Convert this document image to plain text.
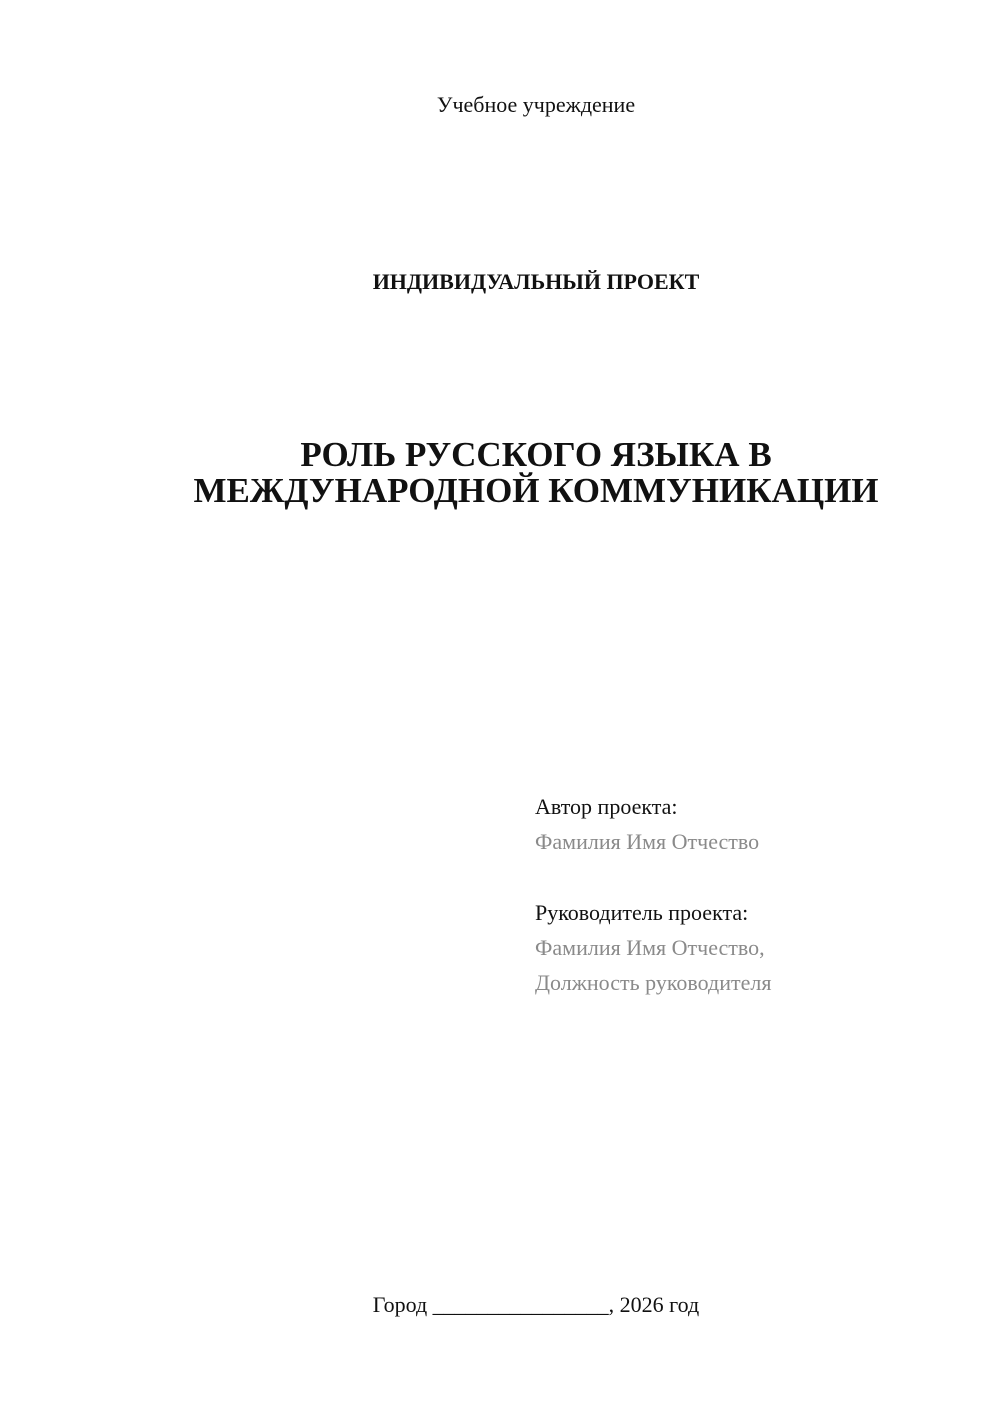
Учебное учреждение
ИНДИВИДУАЛЬНЫЙ ПРОЕКТ
РОЛЬ РУССКОГО ЯЗЫКА В
МЕЖДУНАРОДНОЙ КОММУНИКАЦИИ
Автор проекта:
Фамилия Имя Отчество
Руководитель проекта:
Фамилия Имя Отчество,
Должность руководителя
Город ________________, 2026 год
